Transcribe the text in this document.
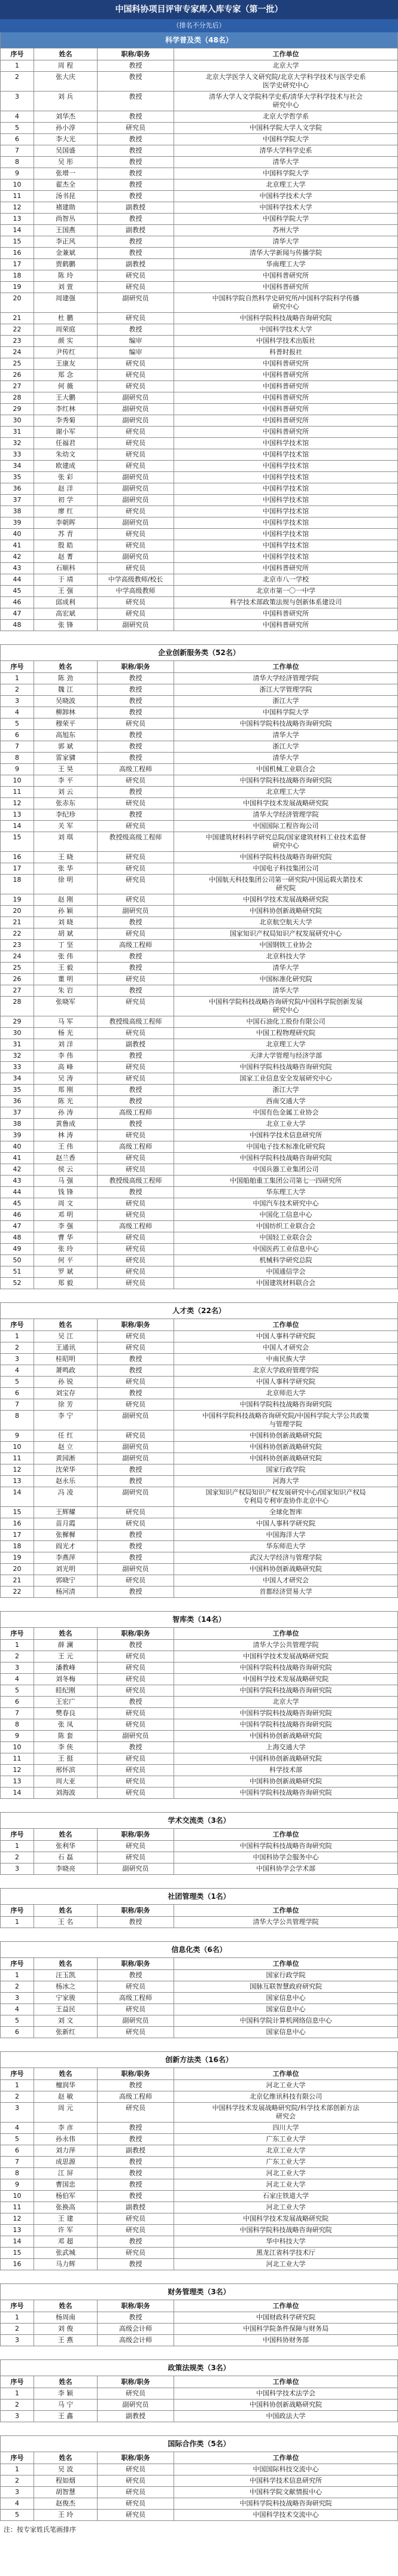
中国科协项目评审专家库入库专家（第一批）
（排名不分先后）
科学普及类（48名）
序号	姓名	职称/职务	工作单位
1	周 程	教授	北京大学
2	张大庆	教授	北京大学医学人文研究院/北京大学科学技术与医学史系
医学史研究中心
3	刘 兵	教授	清华大学人文学院科学史系/清华大学科学技术与社会
研究中心
4	刘华杰	教授	北京大学哲学系
5	孙小淳	研究员	中国科学院大学人文学院
6	李大光	教授	中国科学院大学
7	吴国盛	教授	清华大学科学史系
8	吴 彤	教授	清华大学
9	张增一	教授	中国科学院大学
10	翟杰全	教授	北京理工大学
11	汤书昆	教授	中国科学技术大学
12	褚建勋	副教授	中国科学技术大学
13	尚智丛	教授	中国科学院大学
14	王国燕	副教授	苏州大学
15	李正风	教授	清华大学
16	金兼斌	教授	清华大学新闻与传播学院
17	贾鹤鹏	副教授	华南理工大学
18	陈 玲	研究员	中国科普研究所
19	刘 萱	研究员	中国科普研究所
20	周建强	副研究员	中国科学院自然科学史研究所/中国科学院科学传播
研究中心
21	杜 鹏	研究员	中国科学院科技战略咨询研究院
22	周荣庭	教授	中国科学技术大学
23	颜 实	编审	中国科学技术出版社
24	尹传红	编审	科普时报社
25	王康友	研究员	中国科普研究所
26	郑 念	研究员	中国科普研究所
27	何 薇	研究员	中国科普研究所
28	王大鹏	副研究员	中国科普研究所
29	李红林	副研究员	中国科普研究所
30	李秀菊	副研究员	中国科普研究所
31	谢小军	研究员	中国科普研究所
32	任福君	研究员	中国科学技术馆
33	朱幼文	研究员	中国科学技术馆
34	欧建成	研究员	中国科学技术馆
35	张 彩	副研究员	中国科学技术馆
36	赵 洋	副研究员	中国科学技术馆
37	初 学	副研究员	中国科学技术馆
38	廖 红	研究员	中国科学技术馆
39	李朝晖	副研究员	中国科学技术馆
40	苏 青	研究员	中国科学技术馆
41	殷 皓	研究员	中国科学技术馆
42	赵 菁	副研究员	中国科学技术馆
43	石顺科	研究员	中国科普研究所
44	于 靖	中学高级教师/校长	北京市八一学校
45	王 强	中学高级教师	北京市第一〇一中学
46	邱成利	研究员	科学技术部政策法规与创新体系建设司
47	高宏斌	研究员	中国科普研究所
48	张 锋	副研究员	中国科普研究所
企业创新服务类（52名）
序号	姓名	职称/职务	工作单位
1	陈 劲	教授	清华大学经济管理学院
2	魏 江	教授	浙江大学管理学院
3	吴晓波	教授	浙江大学
4	柳卸林	教授	中国科学院大学
5	穆荣平	研究员	中国科学院科技战略咨询研究院
6	高旭东	教授	清华大学
7	郭 斌	教授	浙江大学
8	雷家骕	教授	清华大学
9	王 昊	高级工程师	中国机械工业联合会
10	李 平	研究员	中国科学院科技战略咨询研究院
11	刘 云	教授	北京理工大学
12	张赤东	研究员	中国科学技术发展战略研究院
13	李纪珍	教授	清华大学经济管理学院
14	关 军	研究员	中国国际工程咨询公司
15	刘 琪	教授级高级工程师	中国建筑材料科学研究总院/国家建筑材料工业技术监督
研究中心
16	王 晓	研究员	中国科学院科技战略咨询研究院
17	张 华	研究员	中国电子科技集团公司
18	徐 明	研究员	中国航天科技集团公司第一研究院/中国运载火箭技术
研究院
19	赵 刚	研究员	中国科学技术发展战略研究院
20	孙 颖	副研究员	中国科协创新战略研究院
21	刘 晓	教授	北京航空航天大学
22	胡 斌	研究员	国家知识产权局知识产权发展研究中心
23	丁 坚	高级工程师	中国钢铁工业协会
24	张 伟	教授	北京科技大学
25	王 毅	教授	清华大学
26	董 明	研究员	中国标准化研究院
27	朱 岩	教授	清华大学
28	张晓军	研究员	中国科学院科技战略咨询研究院/中国科学院创新发展
研究中心
29	马 军	教授级高级工程师	中国石油化工股份有限公司
30	杨 光	研究员	中国工程物理研究院
31	刘 洋	副教授	北京理工大学
32	李 伟	教授	天津大学管理与经济学部
33	高 峰	研究员	中国科学院科技战略咨询研究院
34	吴 涛	研究员	国家工业信息安全发展研究中心
35	郑 刚	教授	浙江大学
36	陈 光	教授	西南交通大学
37	孙 涛	高级工程师	中国有色金属工业协会
38	黄鲁成	教授	北京工业大学
39	林 涛	研究员	中国科学技术信息研究所
40	王 伟	高级工程师	中国电子技术标准化研究院
41	赵兰香	研究员	中国科学院科技战略咨询研究院
42	侯 云	研究员	中国兵器工业集团公司
43	马 强	教授级高级工程师	中国船舶重工集团公司第七一四研究所
44	钱 锋	教授	华东理工大学
45	周 文	研究员	中国汽车技术研究中心
46	邓 明	研究员	中国化工信息中心
47	李 强	高级工程师	中国纺织工业联合会
48	曹 华	研究员	中国轻工业联合会
49	张 玲	研究员	中国医药工业信息中心
50	何 平	研究员	机械科学研究总院
51	罗 斌	研究员	中国通信学会
52	郑 毅	研究员	中国建筑材料联合会
人才类（22名）
序号	姓名	职称/职务	工作单位
1	吴 江	研究员	中国人事科学研究院
2	王通讯	研究员	中国人才研究会
3	桂昭明	教授	中南民族大学
4	萧鸣政	教授	北京大学政府管理学院
5	孙 锐	研究员	中国人事科学研究院
6	刘宝存	教授	北京师范大学
7	徐 芳	研究员	中国科学院科技战略咨询研究院
8	李 宁	副研究员	中国科学院科技战略咨询研究院/中国科学院大学公共政策
与管理学院
9	任 红	研究员	中国科协创新战略研究院
10	赵 立	副研究员	中国科协创新战略研究院
11	黄园淅	副研究员	中国科协创新战略研究院
12	沈荣华	教授	国家行政学院
13	赵永乐	教授	河海大学
14	冯 凌	副研究员	国家知识产权局知识产权发展研究中心/国家知识产权局
专利局专利审查协作北京中心
15	王辉耀	研究员	全球化智库
16	苗月霞	研究员	中国人事科学研究院
17	张樨樨	教授	中国海洋大学
18	阎光才	教授	华东师范大学
19	李燕萍	教授	武汉大学经济与管理学院
20	刘光明	副研究员	中国科协创新战略研究院
21	郭晓宁	研究员	中国人才研究会
22	杨河清	教授	首都经济贸易大学
智库类（14名）
序号	姓名	职称/职务	工作单位
1	薛 澜	教授	清华大学公共管理学院
2	王 元	研究员	中国科学技术发展战略研究院
3	潘教峰	研究员	中国科学院科技战略咨询研究院
4	刘冬梅	研究员	中国科学技术发展战略研究院
5	眭纪刚	研究员	中国科学院科技战略咨询研究院
6	王宏广	教授	北京大学
7	樊春良	研究员	中国科学院科技战略咨询研究院
8	张 凤	研究员	中国科学院科技战略咨询研究院
9	陈 套	副研究员	中国科协创新战略研究院
10	李 侠	教授	上海交通大学
11	王 挺	研究员	中国科协创新战略研究院
12	邢怀滨	研究员	科学技术部
13	周大亚	研究员	中国科协创新战略研究院
14	刘海波	研究员	中国科学院科技战略咨询研究院
学术交流类（3名）
序号	姓名	职称/职务	工作单位
1	张利华	研究员	中国科学院科技战略咨询研究院
2	石 磊	研究员	中国科协学会服务中心
3	李晓亮	副研究员	中国科协学会学术部
社团管理类（1名）
序号	姓名	职称/职务	工作单位
1	王 名	教授	清华大学公共管理学院
信息化类（6名）
序号	姓名	职称/职务	工作单位
1	汪玉凯	教授	国家行政学院
2	杨冰之	研究员	国脉互联智慧政府研究院
3	宁家骏	高级工程师	国家信息中心
4	王益民	研究员	国家信息中心
5	刘 文	副研究员	中国科学院计算机网络信息中心
6	张新红	研究员	国家信息中心
创新方法类（16名）
序号	姓名	职称/职务	工作单位
1	檀润华	教授	河北工业大学
2	赵 敏	高级工程师	北京亿维讯科技有限公司
3	周 元	研究员	中国科学技术发展战略研究院/科学技术部创新方法
研究会
4	李 彦	教授	四川大学
5	孙永伟	教授	广东工业大学
6	刘力萍	副教授	北京工业大学
7	成思源	教授	广东工业大学
8	江 屏	教授	河北工业大学
9	曹国忠	教授	河北工业大学
10	杨伯军	教授	石家庄铁道大学
11	张换高	副教授	河北工业大学
12	王 建	研究员	中国科学技术发展战略研究院
13	许 军	研究员	中国科学院科技战略咨询研究院
14	邓 超	教授	华中科技大学
15	张武城	研究员	黑龙江省科学技术厅
16	马力辉	教授	河北工业大学
财务管理类（3名）
序号	姓名	职称/职务	工作单位
1	杨周南	教授	中国财政科学研究院
2	刘 俊	高级会计师	中国科学院条件保障与财务局
3	王 燕	高级会计师	中国科协财务部
政策法规类（3名）
序号	姓名	职称/职务	工作单位
1	李 颖	研究员	中国科学技术法学会
2	马 宁	副研究员	中国科协创新战略研究院
3	王 鑫	副教授	中国政法大学
国际合作类（5名）
序号	姓名	职称/职务	工作单位
1	吴 波	研究员	中国国际科技交流中心
2	程如烟	研究员	中国科学技术信息研究所
3	胡智慧	研究员	中国科学院文献情报中心
4	赵俊杰	研究员	中国科学院科技战略咨询研究院
5	王 玲	研究员	中国科学技术交流中心
注：按专家姓氏笔画排序
